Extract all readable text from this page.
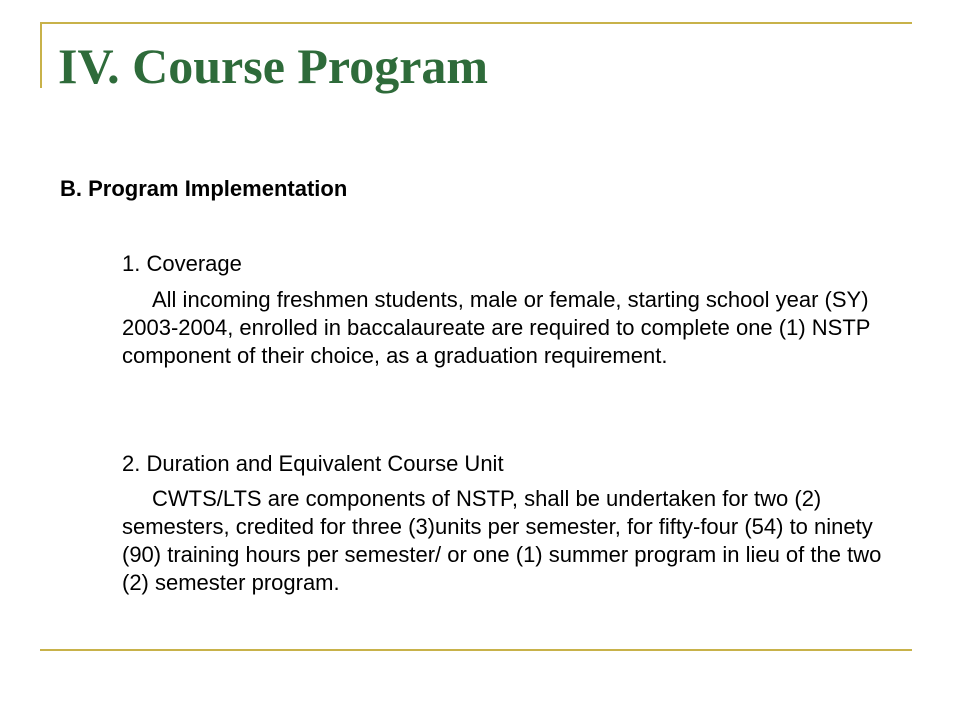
IV. Course Program
B. Program Implementation

1. Coverage

All incoming freshmen students, male or female, starting school year (SY) 2003-2004, enrolled in baccalaureate are required to complete one (1) NSTP component of their choice, as a graduation requirement.

2. Duration and Equivalent Course Unit

CWTS/LTS are components of NSTP, shall be undertaken for two (2) semesters, credited for three (3)units per semester, for fifty-four (54) to ninety (90) training hours per semester/ or one (1) summer program in lieu of the two (2) semester program.
